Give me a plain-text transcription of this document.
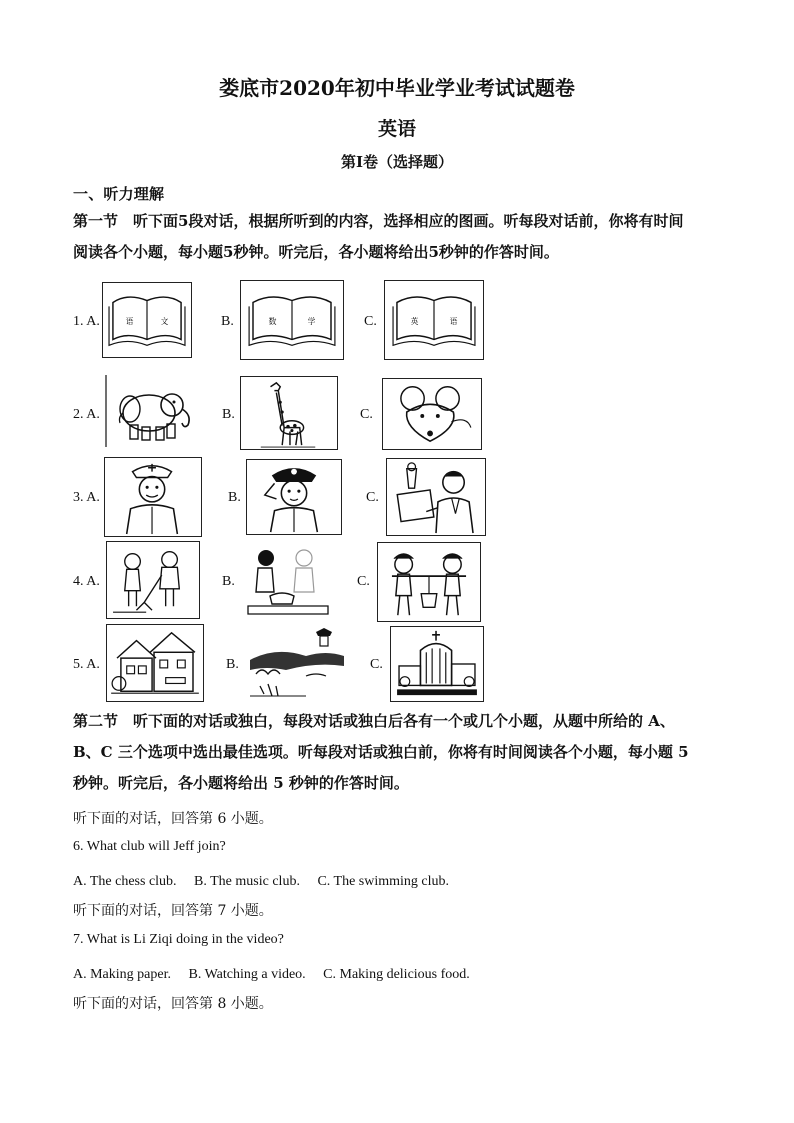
娄底市2020年初中毕业学业考试试题卷
英语
第Ⅰ卷（选择题）
一、听力理解
第一节　听下面5段对话，根据所听到的内容，选择相应的图画。听每段对话前，你将有时间
阅读各个小题，每小题5秒钟。听完后，各小题将给出5秒钟的作答时间。
1. A.	语	文	B.	数	学	C.	英	语
2. A.	B.	C.
3. A.	B.	C.
4. A.	B.	C.
5. A.	B.	C.
第二节　听下面的对话或独白，每段对话或独白后各有一个或几个小题，从题中所给的 A、
B、C 三个选项中选出最佳选项。听每段对话或独白前，你将有时间阅读各个小题，每小题 5
秒钟。听完后，各小题将给出 5 秒钟的作答时间。
听下面的对话，回答第 6 小题。
6. What club will Jeff join?
A. The chess club.　 B. The music club.　 C. The swimming club.
听下面的对话，回答第 7 小题。
7. What is Li Ziqi doing in the video?
A. Making paper.　 B. Watching a video.　 C. Making delicious food.
听下面的对话，回答第 8 小题。
